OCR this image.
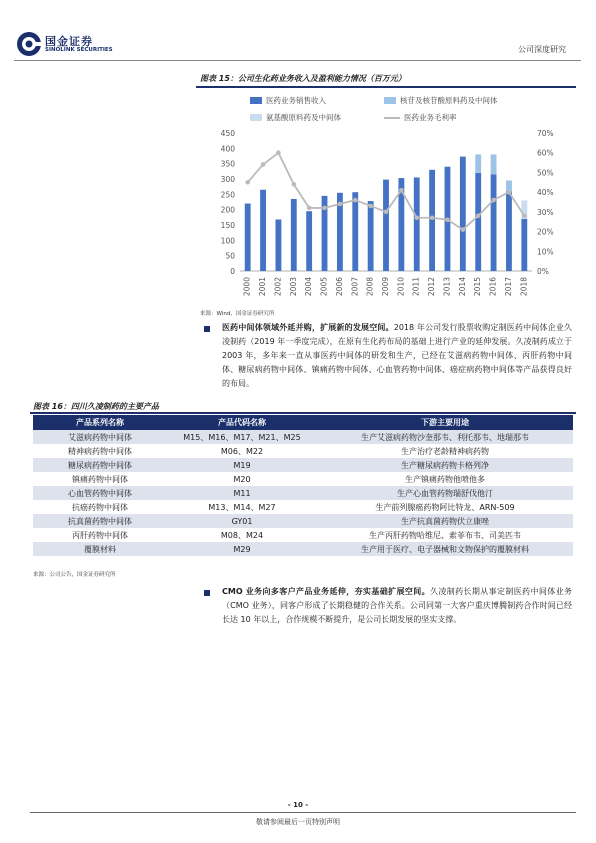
国金证券
SINOLINK SECURITIES	公司深度研究
图表 15：公司生化药业务收入及盈利能力情况（百万元）
医药业务销售收入	核苷及核苷酸原料药及中间体
氨基酸原料药及中间体	医药业务毛利率
0
50
100
150
200
250
300
350
400
450
0%
10%
20%
30%
40%
50%
60%
70%
2000 2001 2002 2003 2004 2005 2006 2007 2008 2009 2010 2011 2012 2013 2014 2015 2016 2017 2018
来源：Wind，国金证券研究所
医药中间体领域外延并购，扩展新的发展空间。2018 年公司发行股票收购定制医药中间体企业久凌制药（2019 年一季度完成），在原有生化药布局的基础上进行产业的延伸发展。久凌制药成立于 2003 年，多年来一直从事医药中间体的研发和生产，已经在艾滋病药物中间体、丙肝药物中间体、糖尿病药物中间体、镇痛药物中间体、心血管药物中间体、癌症病药物中间体等产品获得良好的布局。
图表 16：四川久凌制药的主要产品
产品系列名称	产品代码名称	下游主要用途
艾滋病药物中间体	M15、M16、M17、M21、M25	生产艾滋病药物沙奎那韦、利托那韦、地瑞那韦
精神病药物中间体	M06、M22	生产治疗老龄精神病药物
糖尿病药物中间体	M19	生产糖尿病药物卡格列净
镇痛药物中间体	M20	生产镇痛药物他喷他多
心血管药物中间体	M11	生产心血管药物瑞舒伐他汀
抗癌药物中间体	M13、M14、M27	生产前列腺癌药物阿比特龙、ARN-509
抗真菌药物中间体	GY01	生产抗真菌药物伏立康唑
丙肝药物中间体	M08、M24	生产丙肝药物哈维尼、索菲布韦、司美匹韦
覆膜材料	M29	生产用于医疗、电子器械和文物保护的覆膜材料
来源：公司公告，国金证券研究所
CMO 业务向多客户产品业务延伸，夯实基础扩展空间。久凌制药长期从事定制医药中间体业务（CMO 业务），同客户形成了长期稳健的合作关系。公司同第一大客户重庆博腾制药合作时间已经长达 10 年以上，合作规模不断提升，是公司长期发展的坚实支撑。
- 10 -
敬请参阅最后一页特别声明
